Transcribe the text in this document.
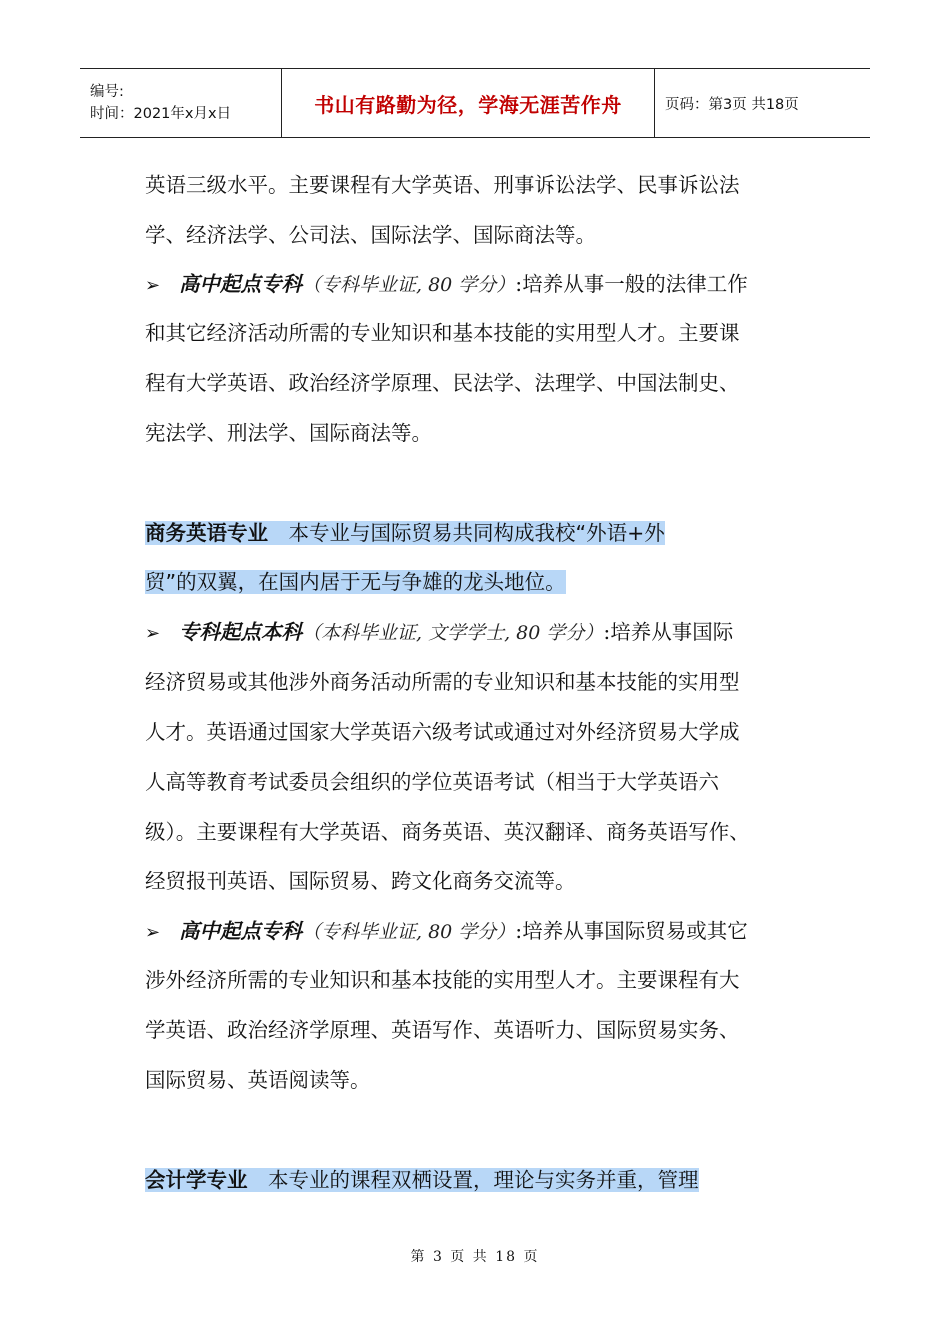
编号:
时间：2021年x月x日	书山有路勤为径，学海无涯苦作舟	页码：第3页 共18页
英语三级水平。主要课程有大学英语、刑事诉讼法学、民事诉讼法
学、经济法学、公司法、国际法学、国际商法等。
➢ 高中起点专科（专科毕业证, 80 学分）:培养从事一般的法律工作
和其它经济活动所需的专业知识和基本技能的实用型人才。主要课
程有大学英语、政治经济学原理、民法学、法理学、中国法制史、
宪法学、刑法学、国际商法等。
商务英语专业　 本专业与国际贸易共同构成我校“外语+外
贸”的双翼，在国内居于无与争雄的龙头地位。
➢ 专科起点本科（本科毕业证, 文学学士, 80 学分）:培养从事国际
经济贸易或其他涉外商务活动所需的专业知识和基本技能的实用型
人才。英语通过国家大学英语六级考试或通过对外经济贸易大学成
人高等教育考试委员会组织的学位英语考试（相当于大学英语六
级）。主要课程有大学英语、商务英语、英汉翻译、商务英语写作、
经贸报刊英语、国际贸易、跨文化商务交流等。
➢ 高中起点专科（专科毕业证, 80 学分）:培养从事国际贸易或其它
涉外经济所需的专业知识和基本技能的实用型人才。主要课程有大
学英语、政治经济学原理、英语写作、英语听力、国际贸易实务、
国际贸易、英语阅读等。
会计学专业　 本专业的课程双栖设置，理论与实务并重，管理
第 3 页 共 18 页
